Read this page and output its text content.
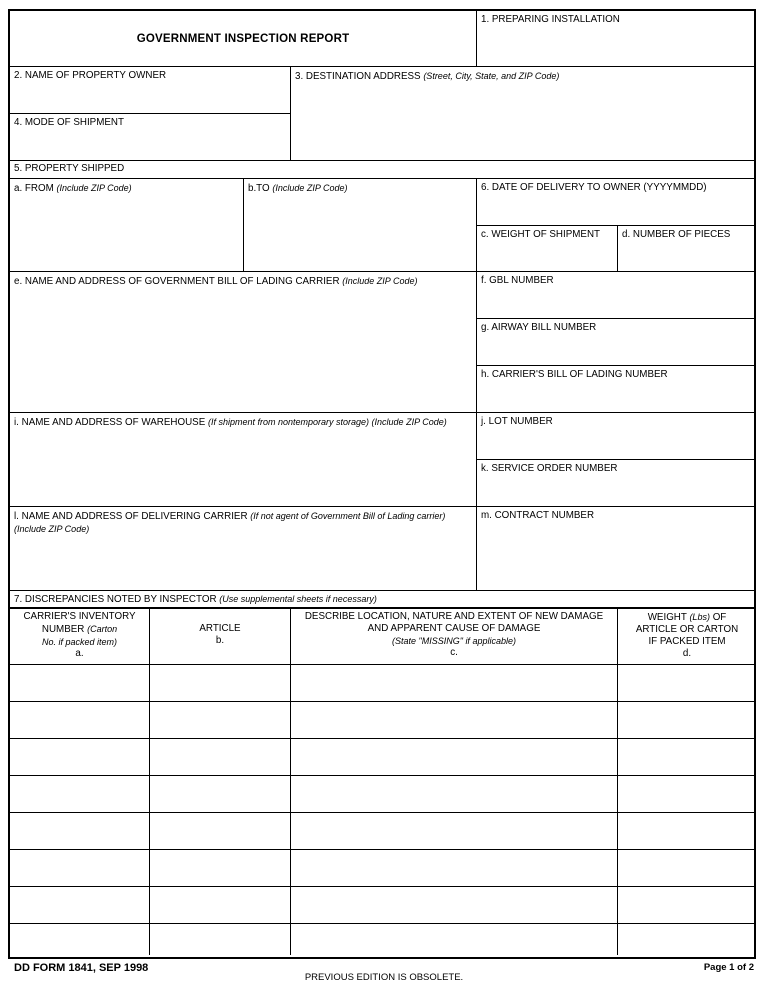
GOVERNMENT INSPECTION REPORT
1. PREPARING INSTALLATION
2. NAME OF PROPERTY OWNER	3. DESTINATION ADDRESS (Street, City, State, and ZIP Code)
4. MODE OF SHIPMENT
5. PROPERTY SHIPPED
a. FROM (Include ZIP Code)	b.TO (Include ZIP Code)	6. DATE OF DELIVERY TO OWNER (YYYYMMDD)
c. WEIGHT OF SHIPMENT	d. NUMBER OF PIECES
e. NAME AND ADDRESS OF GOVERNMENT BILL OF LADING CARRIER (Include ZIP Code)	f. GBL NUMBER
g. AIRWAY BILL NUMBER
h. CARRIER'S BILL OF LADING NUMBER
i. NAME AND ADDRESS OF WAREHOUSE (If shipment from nontemporary storage) (Include ZIP Code)	j. LOT NUMBER
k. SERVICE ORDER NUMBER
l. NAME AND ADDRESS OF DELIVERING CARRIER (If not agent of Government Bill of Lading carrier) (Include ZIP Code)
m. CONTRACT NUMBER
7. DISCREPANCIES NOTED BY INSPECTOR (Use supplemental sheets if necessary)
CARRIER'S INVENTORY
NUMBER (Carton
No. if packed item)
a.
ARTICLE
b.
DESCRIBE LOCATION, NATURE AND EXTENT OF NEW DAMAGE
AND APPARENT CAUSE OF DAMAGE
(State "MISSING" if applicable)
c.
WEIGHT (Lbs) OF
ARTICLE OR CARTON
IF PACKED ITEM
d.
DD FORM 1841, SEP 1998
PREVIOUS EDITION IS OBSOLETE.
Page 1 of 2
